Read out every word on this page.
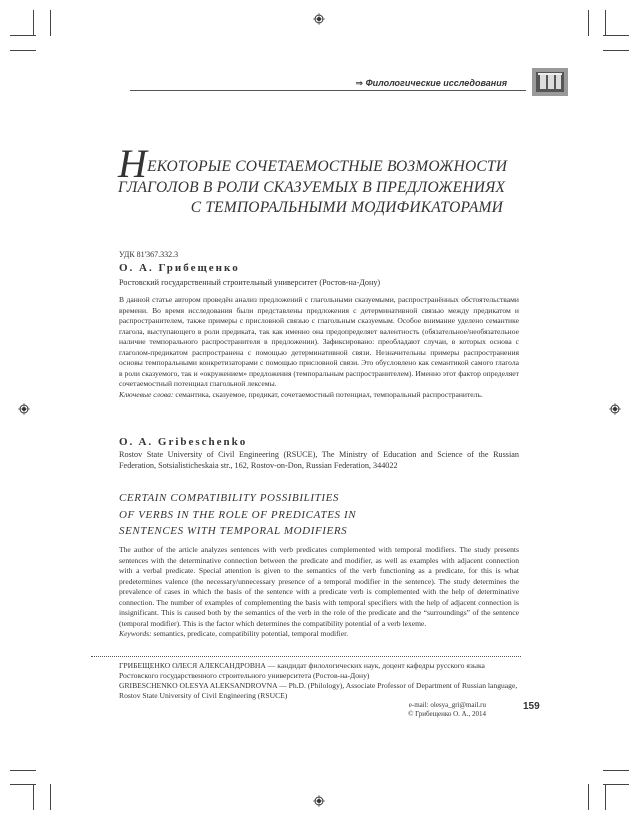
⇒ Филологические исследования
НЕКОТОРЫЕ СОЧЕТАЕМОСТНЫЕ ВОЗМОЖНОСТИ
ГЛАГОЛОВ В РОЛИ СКАЗУЕМЫХ В ПРЕДЛОЖЕНИЯХ
С ТЕМПОРАЛЬНЫМИ МОДИФИКАТОРАМИ
УДК 81'367.332.3
О. А. Грибещенко
Ростовский государственный строительный университет (Ростов-на-Дону)

В данной статье автором проведён анализ предложений с глагольными сказуемыми, распространённых обстоятельствами времени. Во время исследования были представлены предложения с детерминативной связью между предикатом и распространителем, также примеры с присловной связью с глагольным сказуемым. Особое внимание уделено семантике глагола, выступающего в роли предиката, так как именно она предопределяет валентность (обязательное/необязательное наличие темпорального распространителя в предложении). Зафиксировано: преобладают случаи, в которых основа с глаголом-предикатом распространена с помощью детерминативной связи. Незначительны примеры распространения основы темпоральными конкретизаторами с помощью присловной связи. Это обусловлено как семантикой самого глагола в роли сказуемого, так и «окружением» предложения (темпоральным распространителем). Именно этот фактор определяет сочетаемостный потенциал глагольной лексемы.

Ключевые слова: семантика, сказуемое, предикат, сочетаемостный потенциал, темпоральный распространитель.

O. A. Gribeschenko
Rostov State University of Civil Engineering (RSUCE), The Ministry of Education and Science of the Russian Federation, Sotsialisticheskaia str., 162, Rostov-on-Don, Russian Federation, 344022
CERTAIN COMPATIBILITY POSSIBILITIES
OF VERBS IN THE ROLE OF PREDICATES IN
SENTENCES WITH TEMPORAL MODIFIERS

The author of the article analyzes sentences with verb predicates complemented with temporal modifiers. The study presents sentences with the determinative connection between the predicate and modifier, as well as examples with adjacent connection with a verbal predicate. Special attention is given to the semantics of the verb functioning as a predicate, for this is what predetermines valence (the necessary/unnecessary presence of a temporal modifier in the sentence). The study determines the prevalence of cases in which the basis of the sentence with a predicate verb is complemented with the help of determinative connection. The number of examples of complementing the basis with temporal specifiers with the help of adjacent connection is insignificant. This is caused both by the semantics of the verb in the role of the predicate and the “surroundings” of the sentence (temporal modifier). This is the factor which determines the compatibility potential of a verb lexeme.

Keywords: semantics, predicate, compatibility potential, temporal modifier.

ГРИБЕЩЕНКО ОЛЕСЯ АЛЕКСАНДРОВНА — кандидат филологических наук, доцент кафедры русского языка Ростовского государственного строительного университета (Ростов-на-Дону)
GRIBESCHENKO OLESYA ALEKSANDROVNA — Ph.D. (Philology), Associate Professor of Department of Russian language, Rostov State University of Civil Engineering (RSUCE)
e-mail: olesya_gri@mail.ru
© Грибещенко О. А., 2014
159
